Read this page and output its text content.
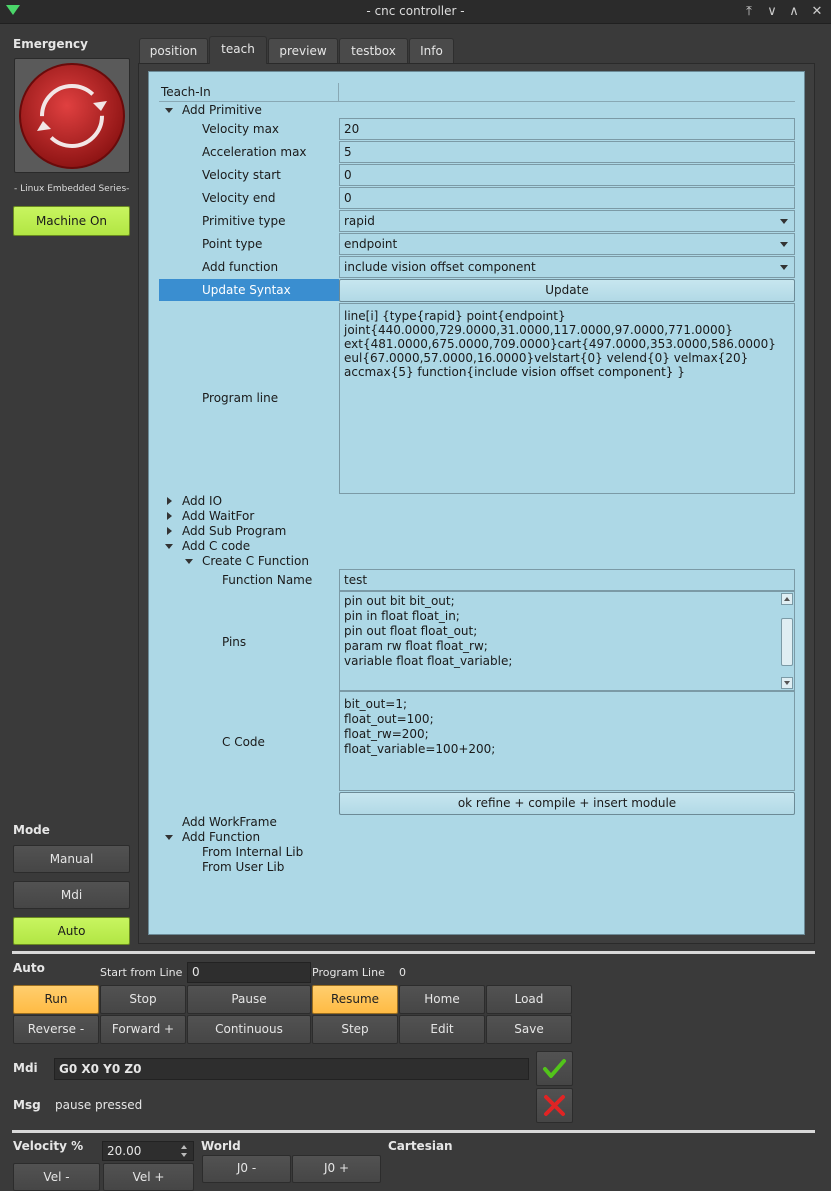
- cnc controller -	⤒	∨ ∧ ✕
Emergency
- Linux Embedded Series-
Machine On
Mode
Manual
Mdi
Auto
position	teach	preview	testbox	Info
Teach-In
Add Primitive
Velocity max	20
Acceleration max	5
Velocity start	0
Velocity end	0
Primitive type	rapid
Point type	endpoint
Add function	include vision offset component
Update Syntax	Update
Program line
line[i] {type{rapid} point{endpoint}
joint{440.0000,729.0000,31.0000,117.0000,97.0000,771.0000}
ext{481.0000,675.0000,709.0000}cart{497.0000,353.0000,586.0000}
eul{67.0000,57.0000,16.0000}velstart{0} velend{0} velmax{20}
accmax{5} function{include vision offset component} }
Add IO
Add WaitFor
Add Sub Program
Add C code
Create C Function
Function Name	test
Pins
pin out bit bit_out;
pin in float float_in;
pin out float float_out;
param rw float float_rw;
variable float float_variable;
C Code
bit_out=1;
float_out=100;
float_rw=200;
float_variable=100+200;
ok refine + compile + insert module
Add WorkFrame
Add Function
From Internal Lib
From User Lib
Auto	Start from Line 0	Program Line 0
Run	Stop	Pause	Resume	Home	Load
Reverse -	Forward +	Continuous	Step	Edit	Save
Mdi	G0 X0 Y0 Z0
Msg pause pressed
Velocity %	20.00	World	Cartesian
Vel -	Vel +
J0 -	J0 +
